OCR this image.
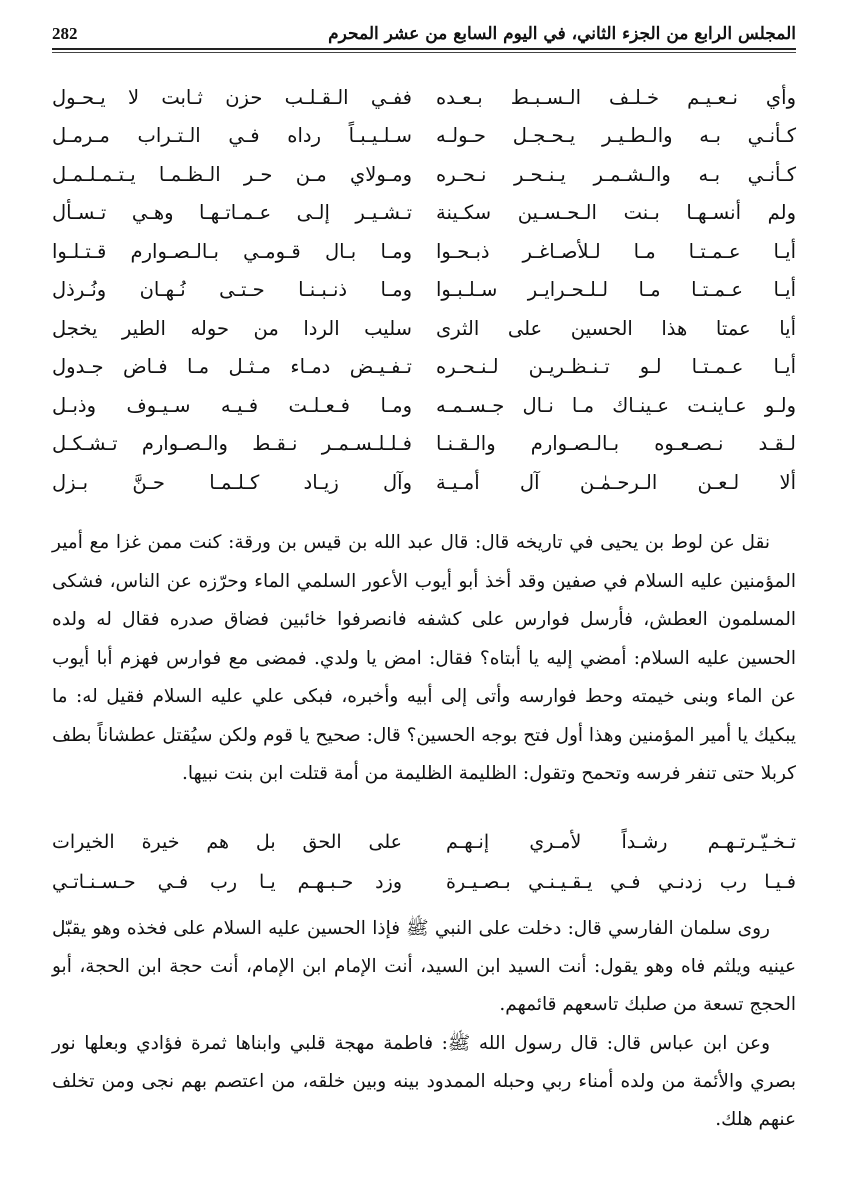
المجلس الرابع من الجزء الثاني، في اليوم السابع من عشر المحرم
282
وأي نـعـيـم خـلـف الـسـبـط بـعـده
ففـي الـقـلـب حزن ثـابت لا يـحـول
كـأنـي بـه والـطـيـر يـحـجـل حـولـه
سـلـيـبـاً رداه فـي الـتـراب مـرمـل
كـأنـي بـه والـشـمـر يـنـحـر نـحـره
ومـولاي مـن حـر الـظـمـا يـتـمـلـمـل
ولم أنسـهـا بـنت الـحـسـين سكـينة
تـشـيـر إلـى عـمـاتـهـا وهـي تـسـأل
أيـا عـمـتـا مـا لـلأصـاغـر ذبـحـوا
ومـا بـال قـومـي بـالـصـوارم قـتـلـوا
أيـا عـمـتـا مـا لـلـحـرايـر سـلـبـوا
ومـا ذنـبـنـا حـتـى نُـهـان ونُـرذل
أيا عمتا هذا الحسين على الثرى
سليب الردا من حوله الطير يخجل
أيـا عـمـتـا لـو تـنـظـريـن لـنـحـره
تـفـيـض دمـاء مـثـل مـا فـاض جـدول
ولـو عـاينـت عـينـاك مـا نـال جـسـمـه
ومـا فـعـلـت فـيـه سـيـوف وذبـل
لـقـد نـصـعـوه بـالـصـوارم والـقـنـا
فـلـلـسـمـر نـقـط والـصـوارم تـشـكـل
ألا لـعـن الـرحـمٰـن آل أمـيـة
وآل زيـاد كـلـمـا حـنَّ بـزل
نقل عن لوط بن يحيى في تاريخه قال: قال عبد الله بن قيس بن ورقة: كنت ممن غزا مع أمير المؤمنين عليه السلام في صفين وقد أخذ أبو أيوب الأعور السلمي الماء وحرّزه عن الناس، فشكى المسلمون العطش، فأرسل فوارس على كشفه فانصرفوا خائبين فضاق صدره فقال له ولده الحسين عليه السلام: أمضي إليه يا أبتاه؟ فقال: امض يا ولدي. فمضى مع فوارس فهزم أبا أيوب عن الماء وبنى خيمته وحط فوارسه وأتى إلى أبيه وأخبره، فبكى علي عليه السلام فقيل له: ما يبكيك يا أمير المؤمنين وهذا أول فتح بوجه الحسين؟ قال: صحيح يا قوم ولكن سيُقتل عطشاناً بطف كربلا حتى تنفر فرسه وتحمح وتقول: الظليمة الظليمة من أمة قتلت ابن بنت نبيها.
تـخـيّـرتـهـم رشـداً لأمـري إنـهـم
على الحق بل هم خيرة الخيرات
فـيـا رب زدنـي فـي يـقـيـنـي بـصـيـرة
وزد حـبـهـم يـا رب فـي حـسـنـاتـي
روى سلمان الفارسي قال: دخلت على النبي ﷺ فإذا الحسين عليه السلام على فخذه وهو يقبّل عينيه ويلثم فاه وهو يقول: أنت السيد ابن السيد، أنت الإمام ابن الإمام، أنت حجة ابن الحجة، أبو الحجج تسعة من صلبك تاسعهم قائمهم.
وعن ابن عباس قال: قال رسول الله ﷺ: فاطمة مهجة قلبي وابناها ثمرة فؤادي وبعلها نور بصري والأئمة من ولده أمناء ربي وحبله الممدود بينه وبين خلقه، من اعتصم بهم نجى ومن تخلف عنهم هلك.
